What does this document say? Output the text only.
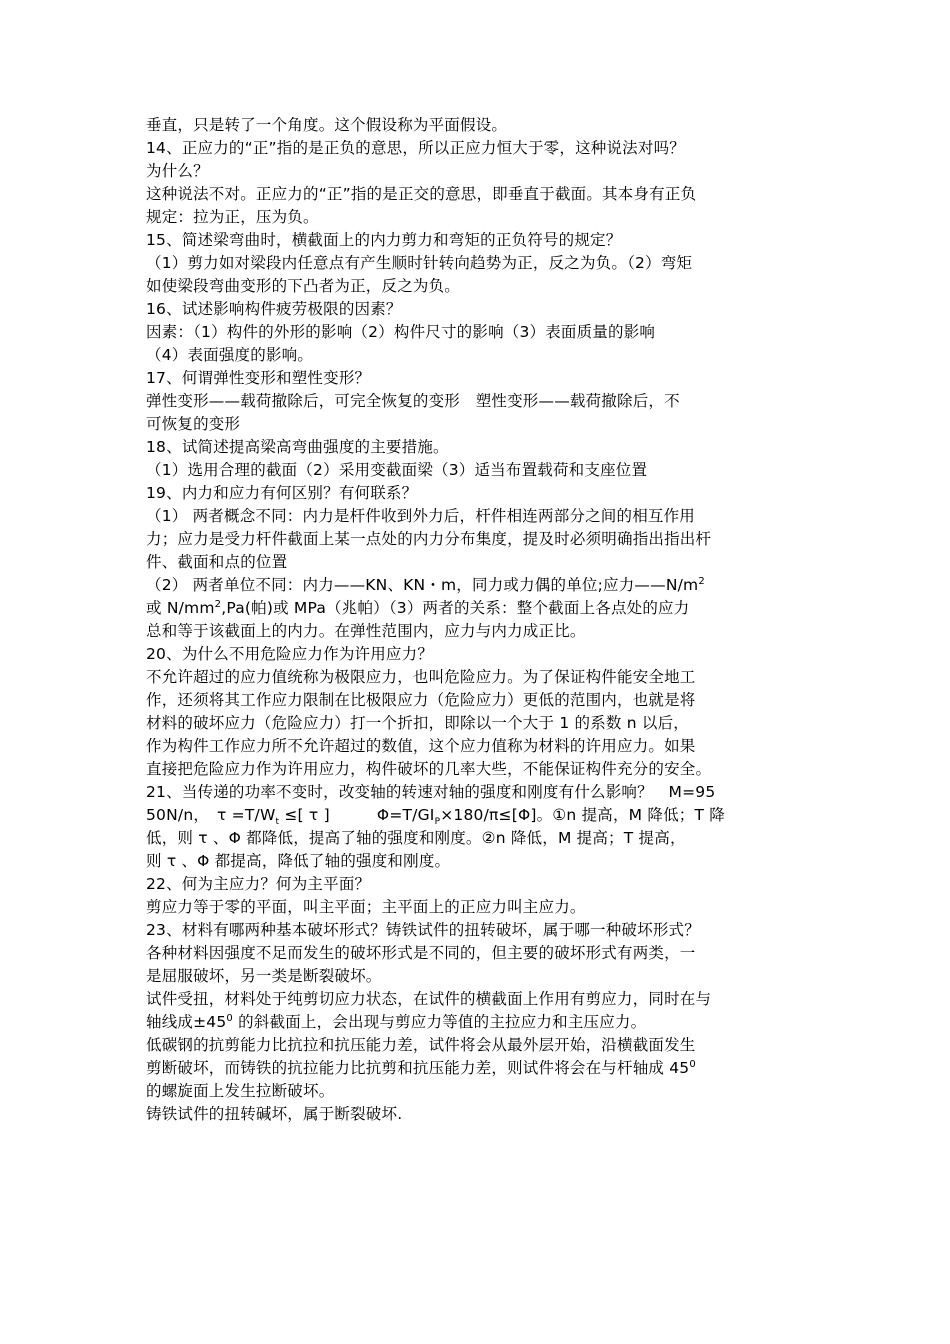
垂直，只是转了一个角度。这个假设称为平面假设。
14、正应力的“正”指的是正负的意思，所以正应力恒大于零，这种说法对吗？
为什么？
这种说法不对。正应力的“正”指的是正交的意思，即垂直于截面。其本身有正负
规定：拉为正，压为负。
15、简述梁弯曲时，横截面上的内力剪力和弯矩的正负符号的规定？
（1）剪力如对梁段内任意点有产生顺时针转向趋势为正，反之为负。（2）弯矩
如使梁段弯曲变形的下凸者为正，反之为负。
16、试述影响构件疲劳极限的因素？
因素：（1）构件的外形的影响（2）构件尺寸的影响（3）表面质量的影响
（4）表面强度的影响。
17、何谓弹性变形和塑性变形？
弹性变形——载荷撤除后，可完全恢复的变形　塑性变形——载荷撤除后，不
可恢复的变形
18、试简述提高梁高弯曲强度的主要措施。
（1）选用合理的截面（2）采用变截面梁（3）适当布置载荷和支座位置
19、内力和应力有何区别？有何联系？
（1） 两者概念不同：内力是杆件收到外力后，杆件相连两部分之间的相互作用
力；应力是受力杆件截面上某一点处的内力分布集度，提及时必须明确指出指出杆
件、截面和点的位置
（2） 两者单位不同：内力——KN、KN・m，同力或力偶的单位;应力$——N/m^2$
或 $N/mm^2,Pa$(帕)或 MPa（兆帕）（3）两者的关系：整个截面上各点处的应力
总和等于该截面上的内力。在弹性范围内，应力与内力成正比。
20、为什么不用危险应力作为许用应力？
不允许超过的应力值统称为极限应力，也叫危险应力。为了保证构件能安全地工
作，还须将其工作应力限制在比极限应力（危险应力）更低的范围内，也就是将
材料的破坏应力（危险应力）打一个折扣，即除以一个大于 1 的系数 n 以后，
作为构件工作应力所不允许超过的数值，这个应力值称为材料的许用应力。如果
直接把危险应力作为许用应力，构件破坏的几率大些，不能保证构件充分的安全。
21、当传递的功率不变时，改变轴的转速对轴的强度和刚度有什么影响？　M=95
50N/n，　$\tau =T/W_t$ ≤[ τ ]　　　$\Phi=T/GI_P\times 180/\pi\le[\Phi]$。①n 提高，M 降低；T 降
低，则 τ 、Φ 都降低，提高了轴的强度和刚度。②n 降低，M 提高；T 提高，
则 τ 、Φ 都提高，降低了轴的强度和刚度。
22、何为主应力？何为主平面？
剪应力等于零的平面，叫主平面；主平面上的正应力叫主应力。
23、材料有哪两种基本破坏形式？铸铁试件的扭转破坏，属于哪一种破坏形式？
各种材料因强度不足而发生的破坏形式是不同的，但主要的破坏形式有两类，一
是屈服破坏，另一类是断裂破坏。
试件受扭，材料处于纯剪切应力状态，在试件的横截面上作用有剪应力，同时在与
轴线成$\pm 45^0$ 的斜截面上，会出现与剪应力等值的主拉应力和主压应力。
低碳钢的抗剪能力比抗拉和抗压能力差，试件将会从最外层开始，沿横截面发生
剪断破坏，而铸铁的抗拉能力比抗剪和抗压能力差，则试件将会在与杆轴成 $45^0$
的螺旋面上发生拉断破坏。
铸铁试件的扭转碱坏，属于断裂破坏.
